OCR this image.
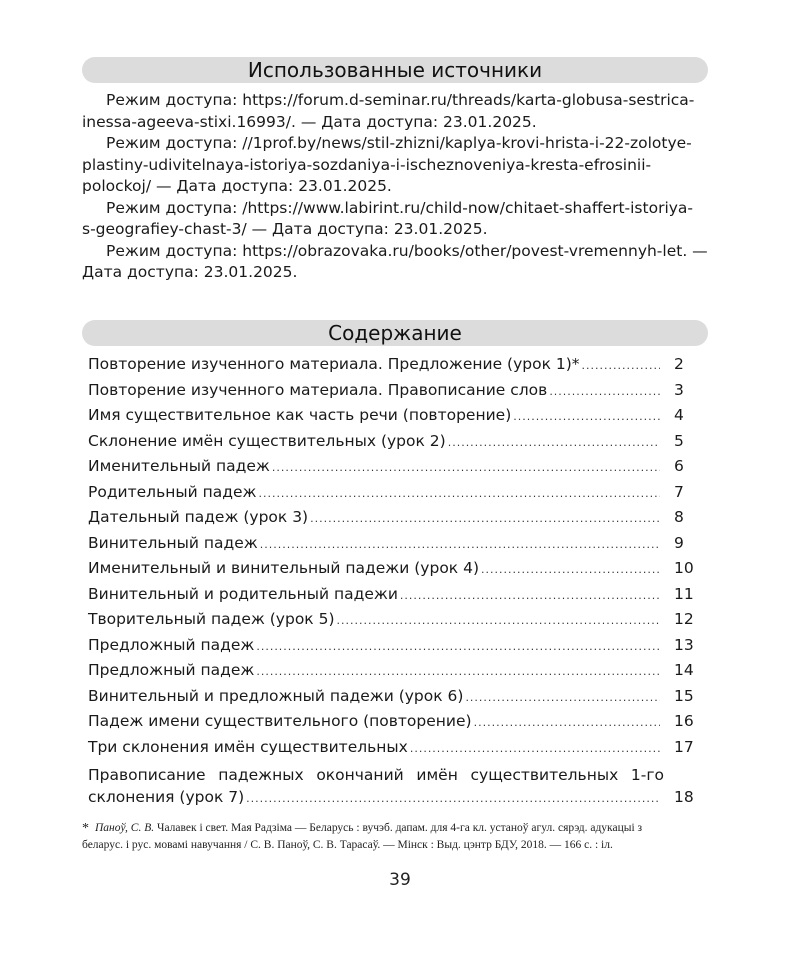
Использованные источники

Режим доступа: https://forum.d-seminar.ru/threads/karta-globusa-sestrica-
inessa-ageeva-stixi.16993/. — Дата доступа: 23.01.2025.

Режим доступа: //1prof.by/news/stil-zhizni/kaplya-krovi-hrista-i-22-zolotye-
plastiny-udivitelnaya-istoriya-sozdaniya-i-ischeznoveniya-kresta-efrosinii-
polockoj/ — Дата доступа: 23.01.2025.

Режим доступа: /https://www.labirint.ru/child-now/chitaet-shaffert-istoriya-
s-geografiey-chast-3/ — Дата доступа: 23.01.2025.

Режим доступа: https://obrazovaka.ru/books/other/povest-vremennyh-let. —
Дата доступа: 23.01.2025.

Содержание
Повторение изученного материала. Предложение (урок 1)* .....	2
Повторение изученного материала. Правописание слов .....	3
Имя существительное как часть речи (повторение) .....	4
Склонение имён существительных (урок 2) .....	5
Именительный падеж .....	6
Родительный падеж .....	7
Дательный падеж (урок 3) .....	8
Винительный падеж .....	9
Именительный и винительный падежи (урок 4) .....	10
Винительный и родительный падежи .....	11
Творительный падеж (урок 5) .....	12
Предложный падеж .....	13
Предложный падеж .....	14
Винительный и предложный падежи (урок 6) .....	15
Падеж имени существительного (повторение) .....	16
Три склонения имён существительных .....	17
Правописание падежных окончаний имён существительных 1-го
склонения (урок 7) .....	18
* Паноў, С. В. Чалавек і свет. Мая Радзіма — Беларусь : вучэб. дапам. для 4-га кл. устаноў агул. сярэд. адукацыі з
беларус. і рус. мовамі навучання / С. В. Паноў, С. В. Тарасаў. — Мінск : Выд. цэнтр БДУ, 2018. — 166 с. : іл.
39
